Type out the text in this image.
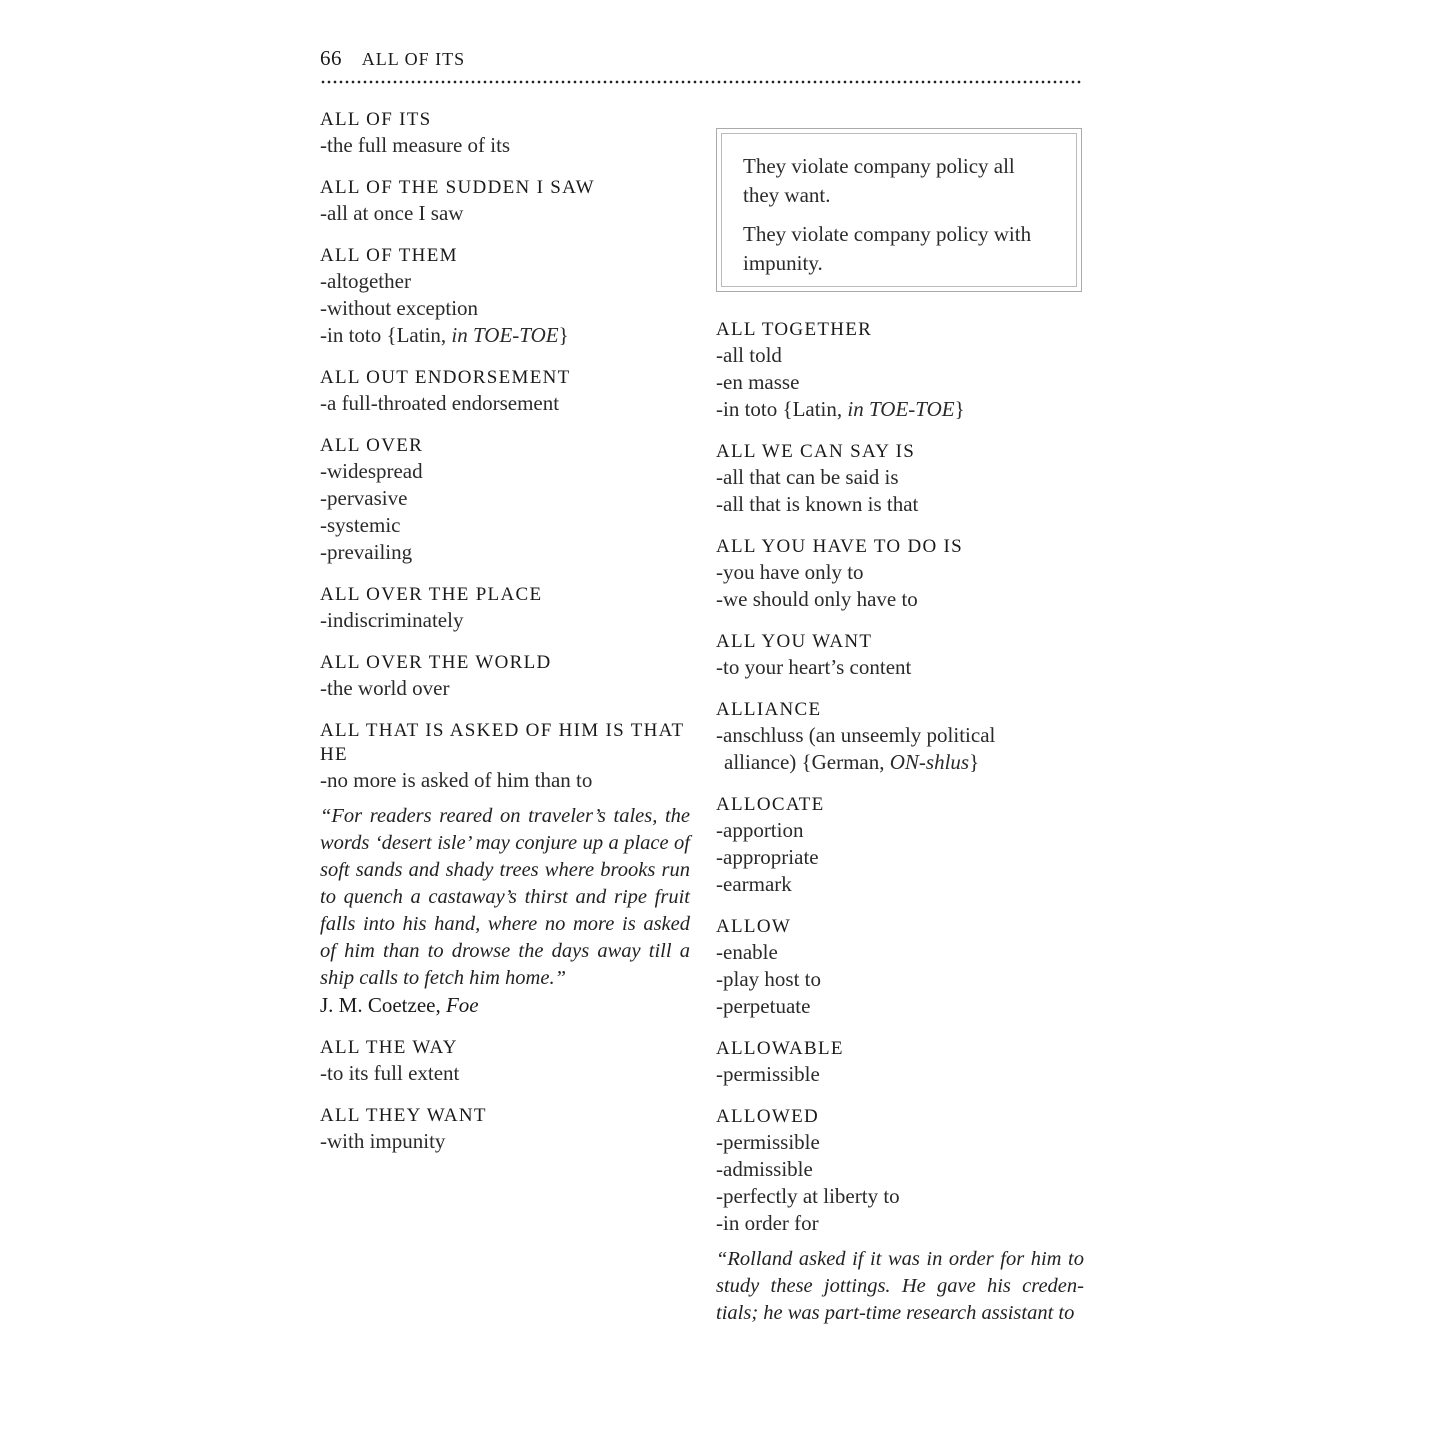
66 ALL OF ITS

They violate company policy all they want.

They violate company policy with impunity.

ALL OF ITS
-the full measure of its
ALL OF THE SUDDEN I SAW
-all at once I saw
ALL OF THEM
-altogether
-without exception
-in toto {Latin, in TOE-TOE}
ALL OUT ENDORSEMENT
-a full-throated endorsement
ALL OVER
-widespread
-pervasive
-systemic
-prevailing
ALL OVER THE PLACE
-indiscriminately
ALL OVER THE WORLD
-the world over
ALL THAT IS ASKED OF HIM IS THAT HE
-no more is asked of him than to
“For readers reared on traveler’s tales, the words ‘desert isle’ may conjure up a place of soft sands and shady trees where brooks run to quench a castaway’s thirst and ripe fruit falls into his hand, where no more is asked of him than to drowse the days away till a ship calls to fetch him home.”
J. M. Coetzee, Foe
ALL THE WAY
-to its full extent
ALL THEY WANT
-with impunity
ALL TOGETHER
-all told
-en masse
-in toto {Latin, in TOE-TOE}
ALL WE CAN SAY IS
-all that can be said is
-all that is known is that
ALL YOU HAVE TO DO IS
-you have only to
-we should only have to
ALL YOU WANT
-to your heart’s content
ALLIANCE
-anschluss (an unseemly political
alliance) {German, ON-shlus}
ALLOCATE
-apportion
-appropriate
-earmark
ALLOW
-enable
-play host to
-perpetuate
ALLOWABLE
-permissible
ALLOWED
-permissible
-admissible
-perfectly at liberty to
-in order for
“Rolland asked if it was in order for him to study these jottings. He gave his creden-tials; he was part-time research assistant to
